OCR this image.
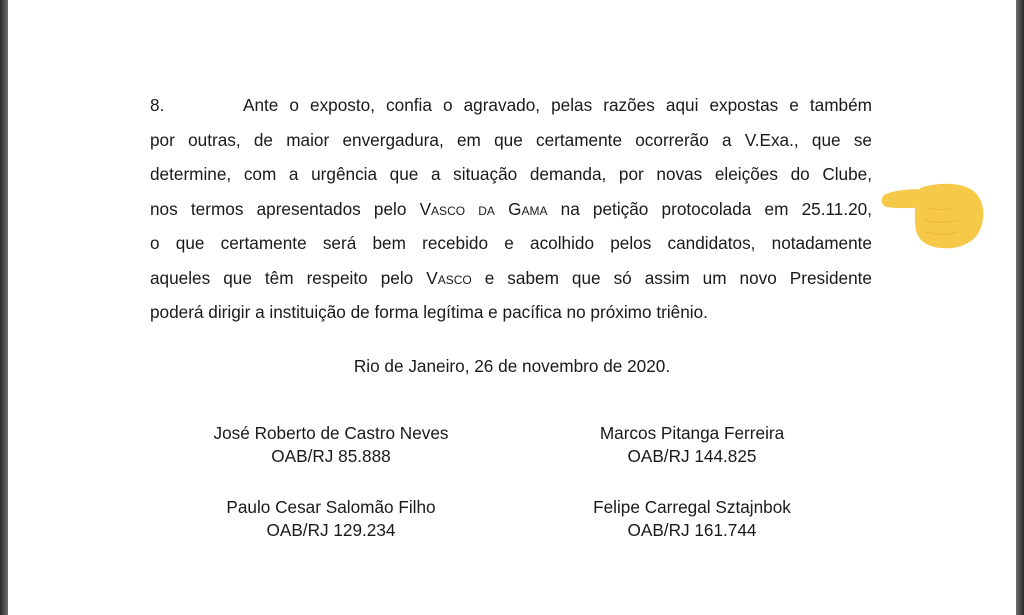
8.	Ante o exposto, confia o agravado, pelas razões aqui expostas e também
por outras, de maior envergadura, em que certamente ocorrerão a V.Exa., que se
determine, com a urgência que a situação demanda, por novas eleições do Clube,
nos termos apresentados pelo Vasco da Gama na petição protocolada em 25.11.20,
o que certamente será bem recebido e acolhido pelos candidatos, notadamente
aqueles que têm respeito pelo Vasco e sabem que só assim um novo Presidente
poderá dirigir a instituição de forma legítima e pacífica no próximo triênio.
Rio de Janeiro, 26 de novembro de 2020.
José Roberto de Castro Neves
OAB/RJ 85.888
Marcos Pitanga Ferreira
OAB/RJ 144.825
Paulo Cesar Salomão Filho
OAB/RJ 129.234
Felipe Carregal Sztajnbok
OAB/RJ 161.744
